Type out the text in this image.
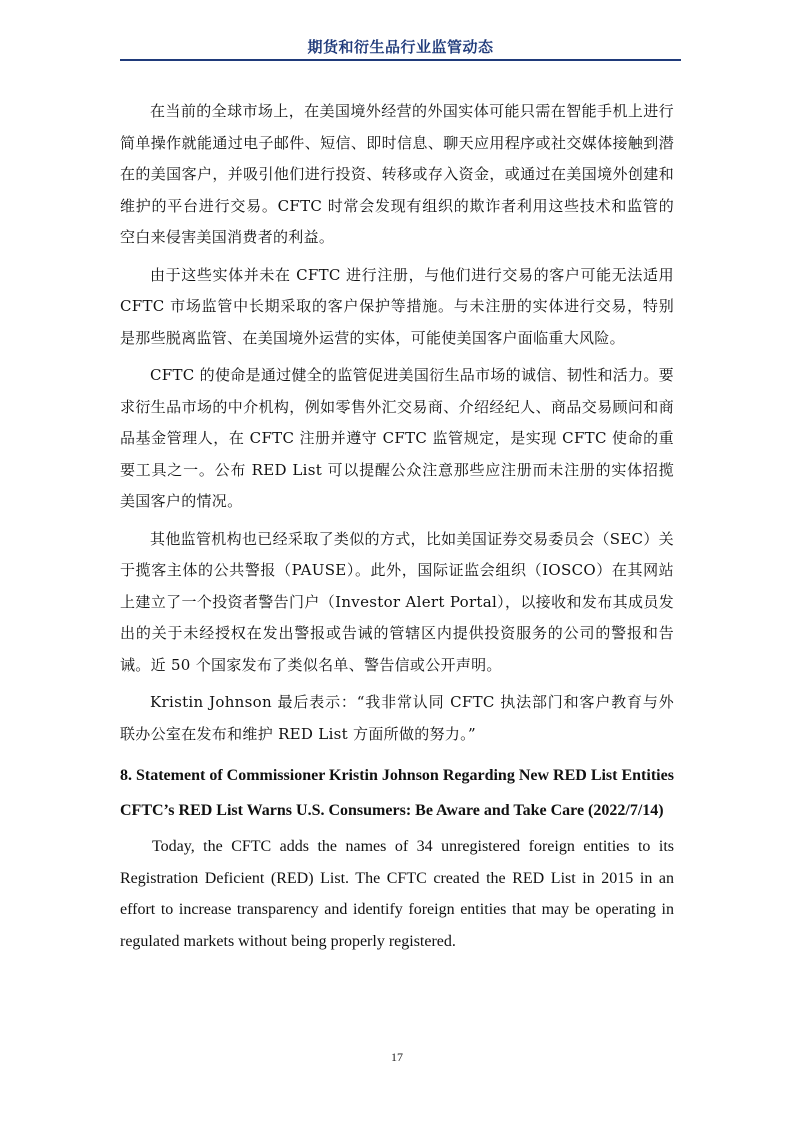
期货和衍生品行业监管动态

在当前的全球市场上，在美国境外经营的外国实体可能只需在智能手机上进行简单操作就能通过电子邮件、短信、即时信息、聊天应用程序或社交媒体接触到潜在的美国客户，并吸引他们进行投资、转移或存入资金，或通过在美国境外创建和维护的平台进行交易。CFTC 时常会发现有组织的欺诈者利用这些技术和监管的空白来侵害美国消费者的利益。

由于这些实体并未在 CFTC 进行注册，与他们进行交易的客户可能无法适用 CFTC 市场监管中长期采取的客户保护等措施。与未注册的实体进行交易，特别是那些脱离监管、在美国境外运营的实体，可能使美国客户面临重大风险。

CFTC 的使命是通过健全的监管促进美国衍生品市场的诚信、韧性和活力。要求衍生品市场的中介机构，例如零售外汇交易商、介绍经纪人、商品交易顾问和商品基金管理人，在 CFTC 注册并遵守 CFTC 监管规定，是实现 CFTC 使命的重要工具之一。公布 RED List 可以提醒公众注意那些应注册而未注册的实体招揽美国客户的情况。

其他监管机构也已经采取了类似的方式，比如美国证券交易委员会（SEC）关于揽客主体的公共警报（PAUSE）。此外，国际证监会组织（IOSCO）在其网站上建立了一个投资者警告门户（Investor Alert Portal），以接收和发布其成员发出的关于未经授权在发出警报或告诫的管辖区内提供投资服务的公司的警报和告诫。近 50 个国家发布了类似名单、警告信或公开声明。

Kristin Johnson 最后表示：“我非常认同 CFTC 执法部门和客户教育与外联办公室在发布和维护 RED List 方面所做的努力。”

8. Statement of Commissioner Kristin Johnson Regarding New RED List Entities
CFTC’s RED List Warns U.S. Consumers: Be Aware and Take Care (2022/7/14)

Today, the CFTC adds the names of 34 unregistered foreign entities to its Registration Deficient (RED) List. The CFTC created the RED List in 2015 in an effort to increase transparency and identify foreign entities that may be operating in regulated markets without being properly registered.

17
